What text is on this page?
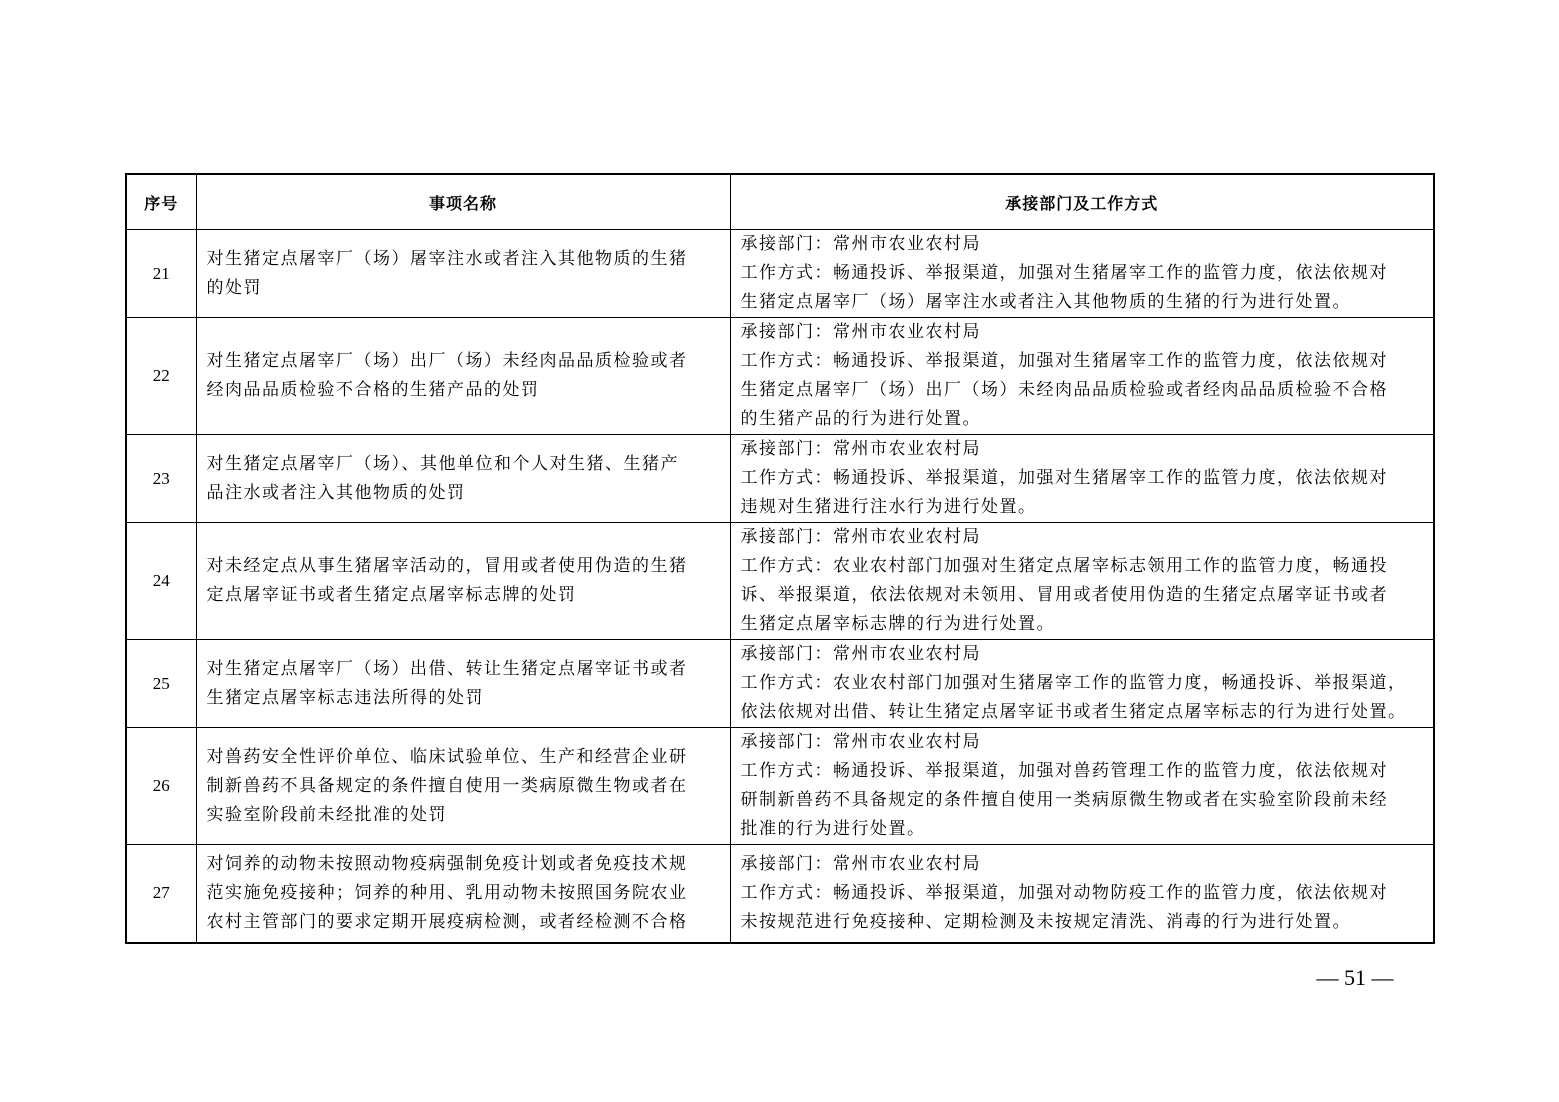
序号	事项名称	承接部门及工作方式
21	对生猪定点屠宰厂（场）屠宰注水或者注入其他物质的生猪
的处罚	承接部门：常州市农业农村局
工作方式：畅通投诉、举报渠道，加强对生猪屠宰工作的监管力度，依法依规对
生猪定点屠宰厂（场）屠宰注水或者注入其他物质的生猪的行为进行处置。

22	对生猪定点屠宰厂（场）出厂（场）未经肉品品质检验或者
经肉品品质检验不合格的生猪产品的处罚	承接部门：常州市农业农村局
工作方式：畅通投诉、举报渠道，加强对生猪屠宰工作的监管力度，依法依规对
生猪定点屠宰厂（场）出厂（场）未经肉品品质检验或者经肉品品质检验不合格
的生猪产品的行为进行处置。

23	对生猪定点屠宰厂（场）、其他单位和个人对生猪、生猪产
品注水或者注入其他物质的处罚	承接部门：常州市农业农村局
工作方式：畅通投诉、举报渠道，加强对生猪屠宰工作的监管力度，依法依规对
违规对生猪进行注水行为进行处置。

24	对未经定点从事生猪屠宰活动的，冒用或者使用伪造的生猪
定点屠宰证书或者生猪定点屠宰标志牌的处罚	承接部门：常州市农业农村局
工作方式：农业农村部门加强对生猪定点屠宰标志领用工作的监管力度，畅通投
诉、举报渠道，依法依规对未领用、冒用或者使用伪造的生猪定点屠宰证书或者
生猪定点屠宰标志牌的行为进行处置。

25	对生猪定点屠宰厂（场）出借、转让生猪定点屠宰证书或者
生猪定点屠宰标志违法所得的处罚	承接部门：常州市农业农村局
工作方式：农业农村部门加强对生猪屠宰工作的监管力度，畅通投诉、举报渠道，
依法依规对出借、转让生猪定点屠宰证书或者生猪定点屠宰标志的行为进行处置。

26	对兽药安全性评价单位、临床试验单位、生产和经营企业研
制新兽药不具备规定的条件擅自使用一类病原微生物或者在
实验室阶段前未经批准的处罚	承接部门：常州市农业农村局
工作方式：畅通投诉、举报渠道，加强对兽药管理工作的监管力度，依法依规对
研制新兽药不具备规定的条件擅自使用一类病原微生物或者在实验室阶段前未经
批准的行为进行处置。

27	对饲养的动物未按照动物疫病强制免疫计划或者免疫技术规
范实施免疫接种；饲养的种用、乳用动物未按照国务院农业
农村主管部门的要求定期开展疫病检测，或者经检测不合格	承接部门：常州市农业农村局
工作方式：畅通投诉、举报渠道，加强对动物防疫工作的监管力度，依法依规对
未按规范进行免疫接种、定期检测及未按规定清洗、消毒的行为进行处置。
— 51 —
